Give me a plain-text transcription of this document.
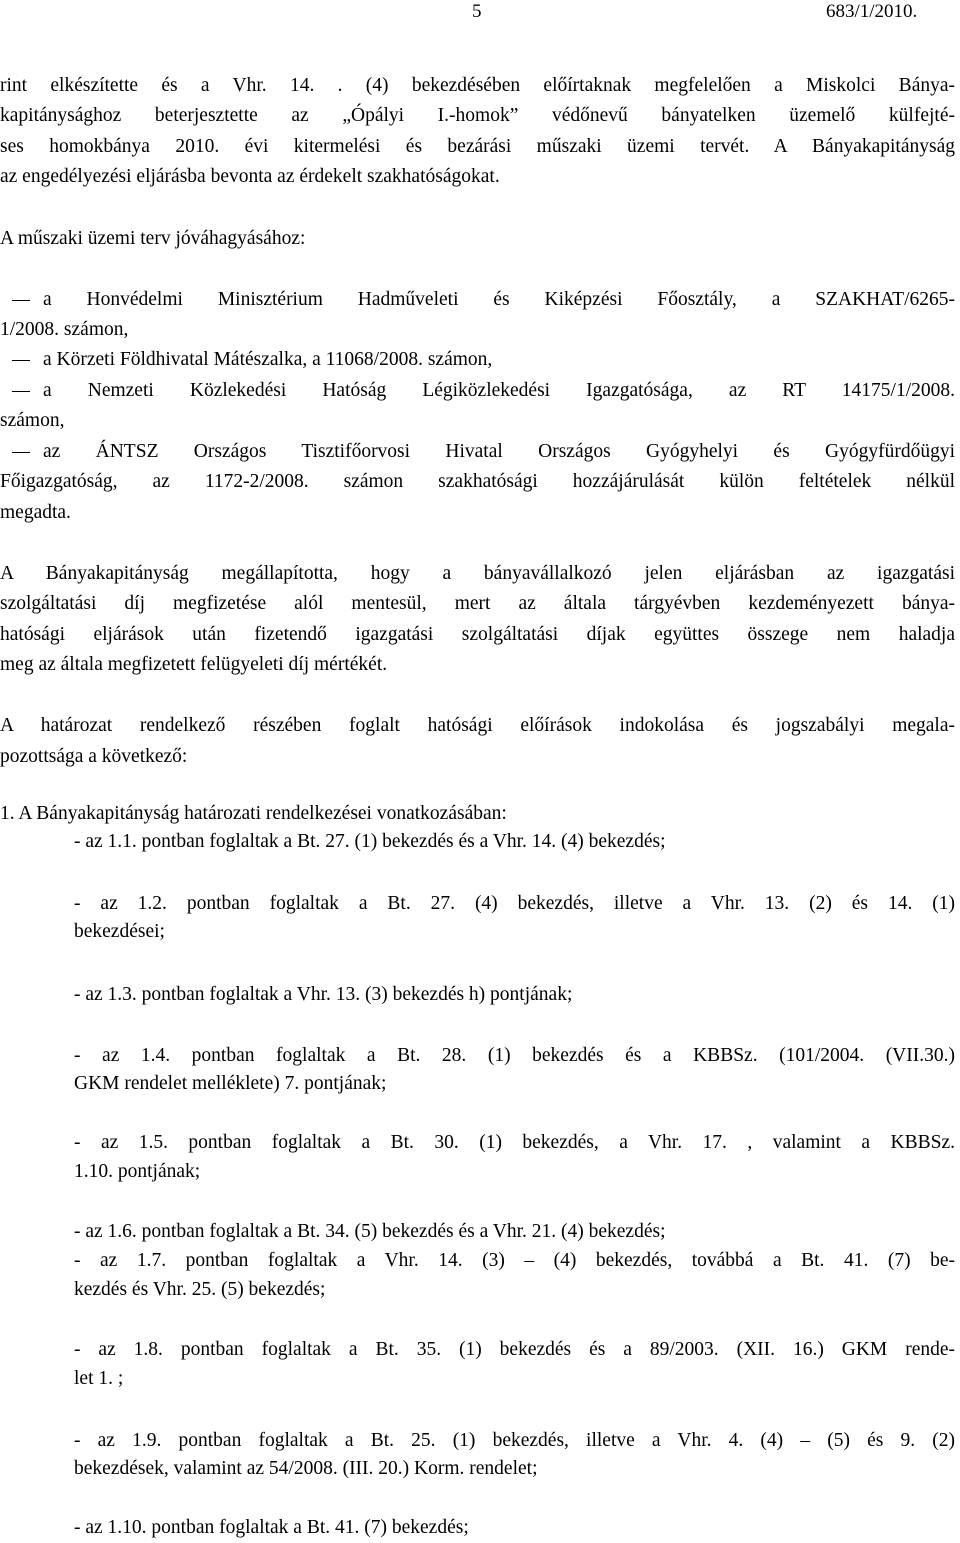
5	683/1/2010.
rint elkészítette és a Vhr. 14. . (4) bekezdésében előírtaknak megfelelően a Miskolci Bánya-
kapitánysághoz beterjesztette az „Ópályi I.-homok” védőnevű bányatelken üzemelő külfejté-
ses homokbánya 2010. évi kitermelési és bezárási műszaki üzemi tervét. A Bányakapitányság
az engedélyezési eljárásba bevonta az érdekelt szakhatóságokat.
A műszaki üzemi terv jóváhagyásához:
a Honvédelmi Minisztérium Hadműveleti és Kiképzési Főosztály, a SZAKHAT/6265-
1/2008. számon,
a Körzeti Földhivatal Mátészalka, a 11068/2008. számon,
a Nemzeti Közlekedési Hatóság Légiközlekedési Igazgatósága, az RT 14175/1/2008.
számon,
az ÁNTSZ Országos Tisztifőorvosi Hivatal Országos Gyógyhelyi és Gyógyfürdőügyi
Főigazgatóság, az 1172-2/2008. számon szakhatósági hozzájárulását külön feltételek nélkül
megadta.
A Bányakapitányság megállapította, hogy a bányavállalkozó jelen eljárásban az igazgatási
szolgáltatási díj megfizetése alól mentesül, mert az általa tárgyévben kezdeményezett bánya-
hatósági eljárások után fizetendő igazgatási szolgáltatási díjak együttes összege nem haladja
meg az általa megfizetett felügyeleti díj mértékét.
A határozat rendelkező részében foglalt hatósági előírások indokolása és jogszabályi megala-
pozottsága a következő:
1. A Bányakapitányság határozati rendelkezései vonatkozásában:
- az 1.1. pontban foglaltak a Bt. 27. (1) bekezdés és a Vhr. 14. (4) bekezdés;
- az 1.2. pontban foglaltak a Bt. 27. (4) bekezdés, illetve a Vhr. 13. (2) és 14. (1)
bekezdései;
- az 1.3. pontban foglaltak a Vhr. 13. (3) bekezdés h) pontjának;
- az 1.4. pontban foglaltak a Bt. 28. (1) bekezdés és a KBBSz. (101/2004. (VII.30.)
GKM rendelet melléklete) 7. pontjának;
- az 1.5. pontban foglaltak a Bt. 30. (1) bekezdés, a Vhr. 17. , valamint a KBBSz.
1.10. pontjának;
- az 1.6. pontban foglaltak a Bt. 34. (5) bekezdés és a Vhr. 21. (4) bekezdés;
- az 1.7. pontban foglaltak a Vhr. 14. (3) – (4) bekezdés, továbbá a Bt. 41. (7) be-
kezdés és Vhr. 25. (5) bekezdés;
- az 1.8. pontban foglaltak a Bt. 35. (1) bekezdés és a 89/2003. (XII. 16.) GKM rende-
let 1. ;
- az 1.9. pontban foglaltak a Bt. 25. (1) bekezdés, illetve a Vhr. 4. (4) – (5) és 9. (2)
bekezdések, valamint az 54/2008. (III. 20.) Korm. rendelet;
- az 1.10. pontban foglaltak a Bt. 41. (7) bekezdés;
